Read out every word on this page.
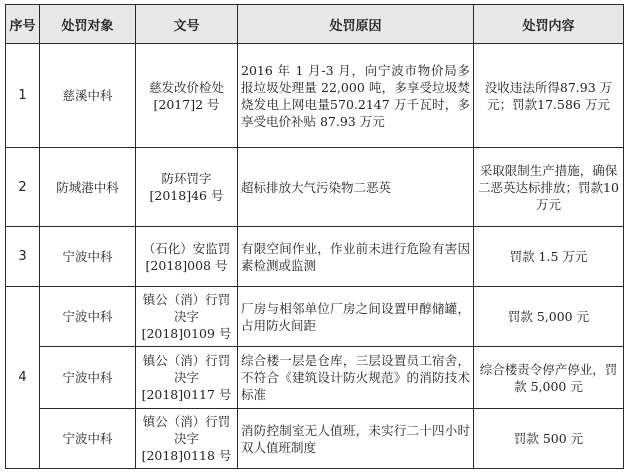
序号	处罚对象	文号	处罚原因	处罚内容
1	慈溪中科	慈发改价检处[2017]2 号	2016 年 1 月-3 月，向宁波市物价局多报垃圾处理量 22,000 吨，多享受垃圾焚烧发电上网电量570.2147 万千瓦时，多享受电价补贴 87.93 万元	没收违法所得87.93 万元；罚款17.586 万元
2	防城港中科	防环罚字[2018]46 号	超标排放大气污染物二恶英	采取限制生产措施，确保二恶英达标排放；罚款10 万元
3	宁波中科	（石化）安监罚[2018]008 号	有限空间作业，作业前未进行危险有害因素检测或监测	罚款 1.5 万元
4	宁波中科	镇公（消）行罚决字[2018]0109 号	厂房与相邻单位厂房之间设置甲醇储罐，占用防火间距	罚款 5,000 元
	宁波中科	镇公（消）行罚决字[2018]0117 号	综合楼一层是仓库，三层设置员工宿舍，不符合《建筑设计防火规范》的消防技术标准	综合楼责令停产停业，罚款 5,000 元
	宁波中科	镇公（消）行罚决字[2018]0118 号	消防控制室无人值班，未实行二十四小时双人值班制度	罚款 500 元
